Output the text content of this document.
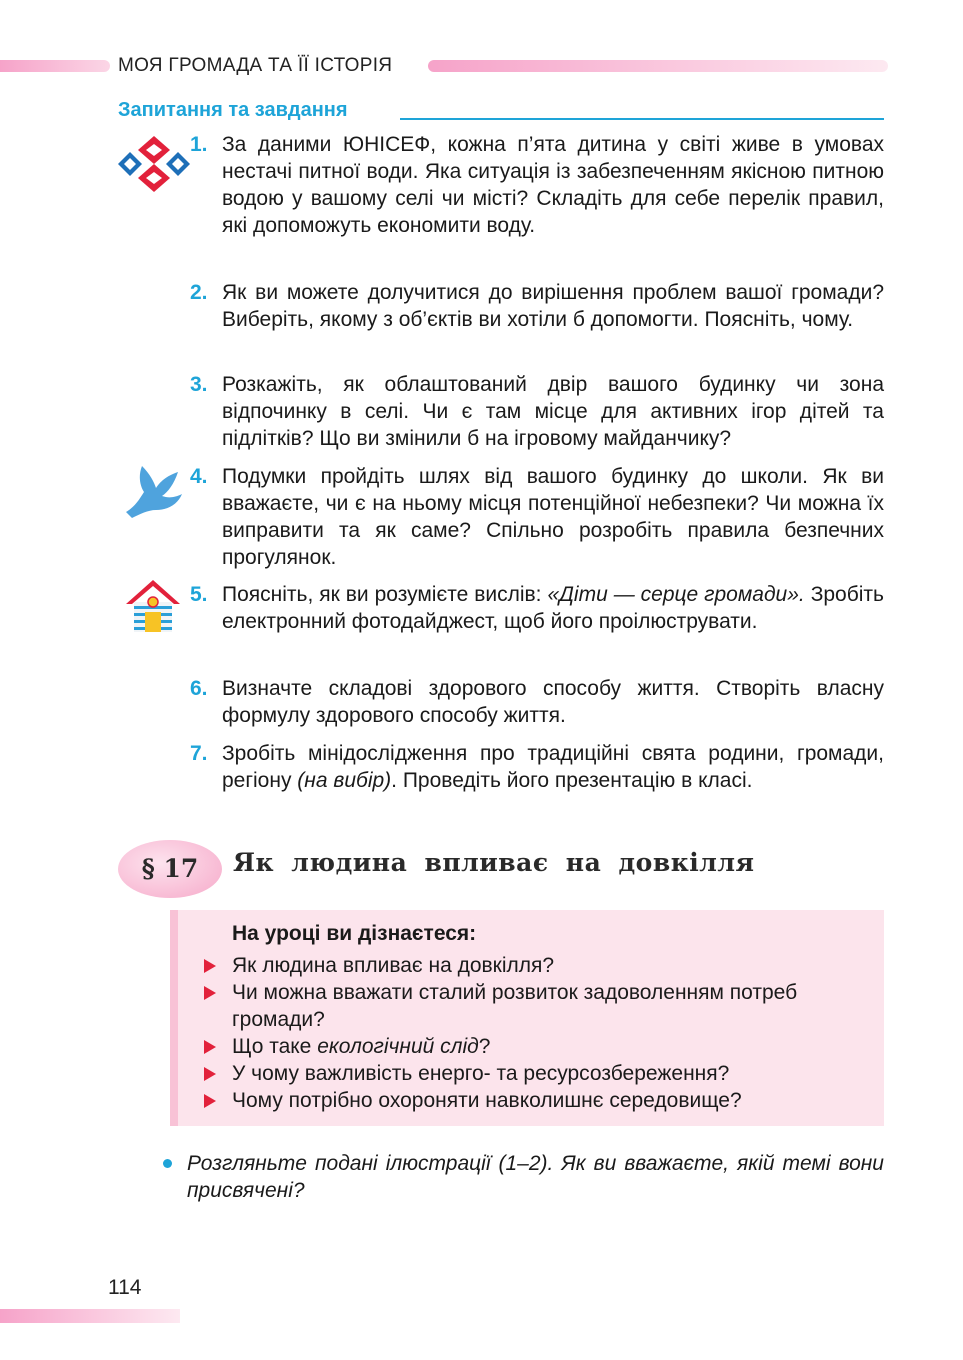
МОЯ ГРОМАДА ТА ЇЇ ІСТОРІЯ
Запитання та завдання
1. За даними ЮНІСЕФ, кожна п’ята дитина у світі живе в умовах нестачі питної води. Яка ситуація із забезпеченням якісною питною водою у вашому селі чи місті? Складіть для себе перелік правил, які допоможуть економити воду.
2. Як ви можете долучитися до вирішення проблем вашої громади? Виберіть, якому з об’єктів ви хотіли б допомогти. Поясніть, чому.
3. Розкажіть, як облаштований двір вашого будинку чи зона відпочинку в селі. Чи є там місце для активних ігор дітей та підлітків? Що ви змінили б на ігровому майданчику?
4. Подумки пройдіть шлях від вашого будинку до школи. Як ви вважаєте, чи є на ньому місця потенційної небезпеки? Чи можна їх виправити та як саме? Спільно розробіть правила безпечних прогулянок.
5. Поясніть, як ви розумієте вислів: «Діти — серце громади». Зробіть електронний фотодайджест, щоб його проілюструвати.
6. Визначте складові здорового способу життя. Створіть власну формулу здорового способу життя.
7. Зробіть мінідослідження про традиційні свята родини, громади, регіону (на вибір). Проведіть його презентацію в класі.
§ 17	Як людина впливає на довкілля
На уроці ви дізнаєтеся:
Як людина впливає на довкілля?
Чи можна вважати сталий розвиток задоволенням потреб громади?
Що таке екологічний слід?
У чому важливість енерго- та ресурсозбереження?
Чому потрібно охороняти навколишнє середовище?
Розгляньте подані ілюстрації (1–2). Як ви вважаєте, якій темі вони присвячені?
114
